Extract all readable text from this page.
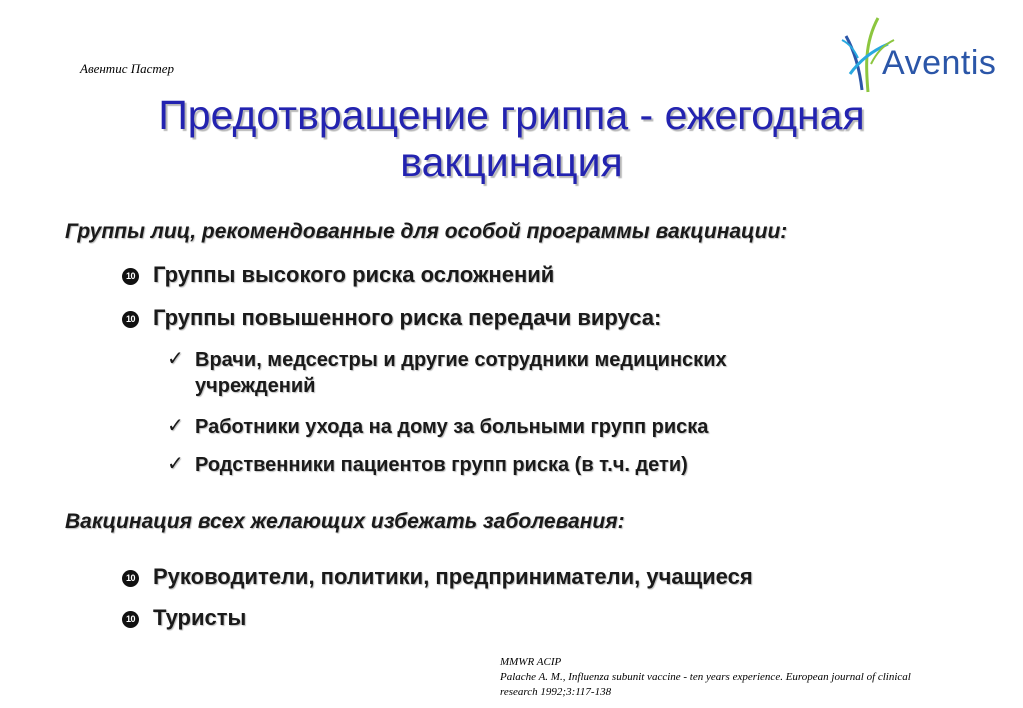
Авентис Пастер	Aventis
Предотвращение гриппа - ежегодная
вакцинация
Группы лиц, рекомендованные для особой программы вакцинации:
10 Группы высокого риска осложнений
10 Группы повышенного риска передачи вируса:
✓ Врачи, медсестры и другие сотрудники медицинских
учреждений
✓ Работники ухода на дому за больными групп риска
✓ Родственники пациентов групп риска (в т.ч. дети)
Вакцинация всех желающих избежать заболевания:
10 Руководители, политики, предприниматели, учащиеся
10 Туристы
MMWR ACIP
Palache A. M., Influenza subunit vaccine - ten years experience. European journal of clinical
research 1992;3:117-138
